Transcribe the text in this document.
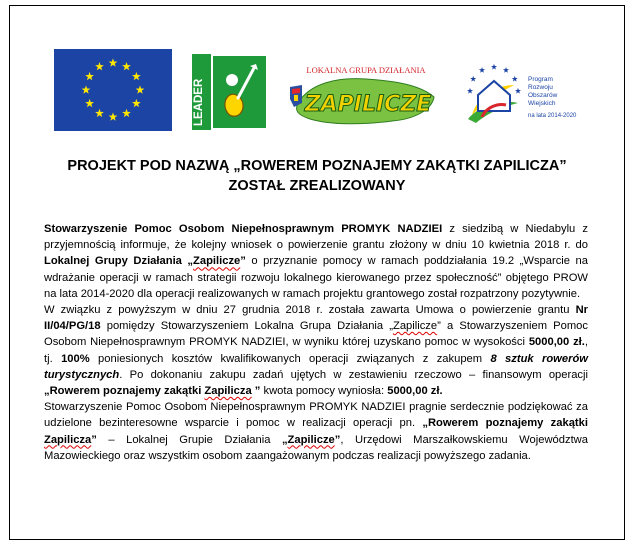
LEADER
LOKALNA GRUPA DZIAŁANIA
ZAPILICZE
Program
Rozwoju
Obszarów
Wiejskich
na lata 2014-2020
PROJEKT POD NAZWĄ „ROWEREM POZNAJEMY ZAKĄTKI ZAPILICZA”
ZOSTAŁ ZREALIZOWANY

Stowarzyszenie Pomoc Osobom Niepełnosprawnym PROMYK NADZIEI z siedzibą w Niedabylu z przyjemnością informuje, że kolejny wniosek o powierzenie grantu złożony w dniu 10 kwietnia 2018 r. do Lokalnej Grupy Działania „Zapilicze” o przyznanie pomocy w ramach poddziałania 19.2 „Wsparcie na wdrażanie operacji w ramach strategii rozwoju lokalnego kierowanego przez społeczność” objętego PROW na lata 2014-2020 dla operacji realizowanych w ramach projektu grantowego został rozpatrzony pozytywnie.

W związku z powyższym w dniu 27 grudnia 2018 r. została zawarta Umowa o powierzenie grantu Nr II/04/PG/18 pomiędzy Stowarzyszeniem Lokalna Grupa Działania „Zapilicze” a Stowarzyszeniem Pomoc Osobom Niepełnosprawnym PROMYK NADZIEI, w wyniku której uzyskano pomoc w wysokości 5000,00 zł., tj. 100% poniesionych kosztów kwalifikowanych operacji związanych z zakupem 8 sztuk rowerów turystycznych. Po dokonaniu zakupu zadań ujętych w zestawieniu rzeczowo – finansowym operacji „Rowerem poznajemy zakątki Zapilicza ” kwota pomocy wyniosła: 5000,00 zł.

Stowarzyszenie Pomoc Osobom Niepełnosprawnym PROMYK NADZIEI pragnie serdecznie podziękować za udzielone bezinteresowne wsparcie i pomoc w realizacji operacji pn. „Rowerem poznajemy zakątki Zapilicza” – Lokalnej Grupie Działania „Zapilicze”, Urzędowi Marszałkowskiemu Województwa Mazowieckiego oraz wszystkim osobom zaangażowanym podczas realizacji powyższego zadania.
